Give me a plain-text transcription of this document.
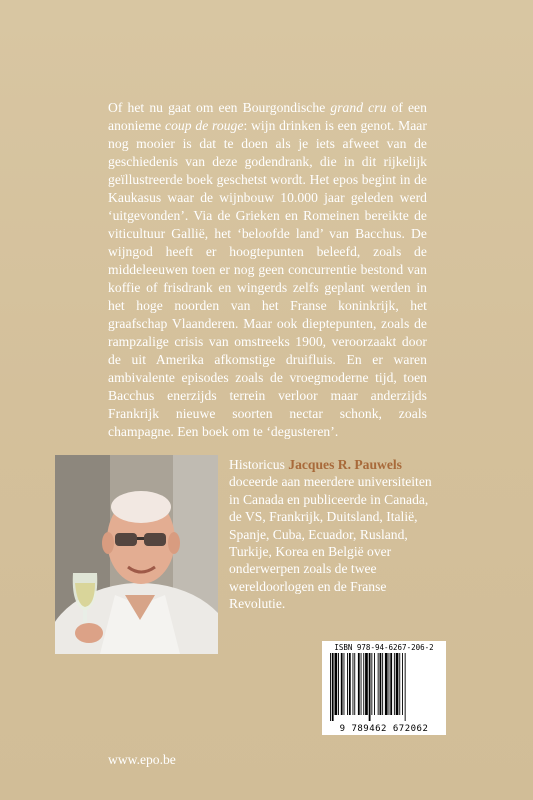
Of het nu gaat om een Bourgondische grand cru of een anonieme coup de rouge: wijn drinken is een genot. Maar nog mooier is dat te doen als je iets afweet van de geschiedenis van deze godendrank, die in dit rijkelijk geïllustreerde boek geschetst wordt. Het epos begint in de Kaukasus waar de wijnbouw 10.000 jaar geleden werd ‘uitgevonden’. Via de Grieken en Romeinen bereikte de viticultuur Gallië, het ‘beloofde land’ van Bacchus. De wijngod heeft er hoogtepunten beleefd, zoals de middeleeuwen toen er nog geen concurrentie bestond van koffie of frisdrank en wingerds zelfs geplant werden in het hoge noorden van het Franse koninkrijk, het graafschap Vlaanderen. Maar ook dieptepunten, zoals de rampzalige crisis van omstreeks 1900, veroorzaakt door de uit Amerika afkomstige druifluis. En er waren ambivalente episodes zoals de vroegmoderne tijd, toen Bacchus enerzijds terrein verloor maar anderzijds Frankrijk nieuwe soorten nectar schonk, zoals champagne. Een boek om te ‘degusteren’.

Historicus Jacques R. Pauwels doceerde aan meerdere universiteiten in Canada en publiceerde in Canada, de VS, Frankrijk, Duitsland, Italië, Spanje, Cuba, Ecuador, Rusland, Turkije, Korea en België over onderwerpen zoals de twee wereldoorlogen en de Franse Revolutie.
ISBN 978-94-6267-206-2
9 789462 672062
www.epo.be
